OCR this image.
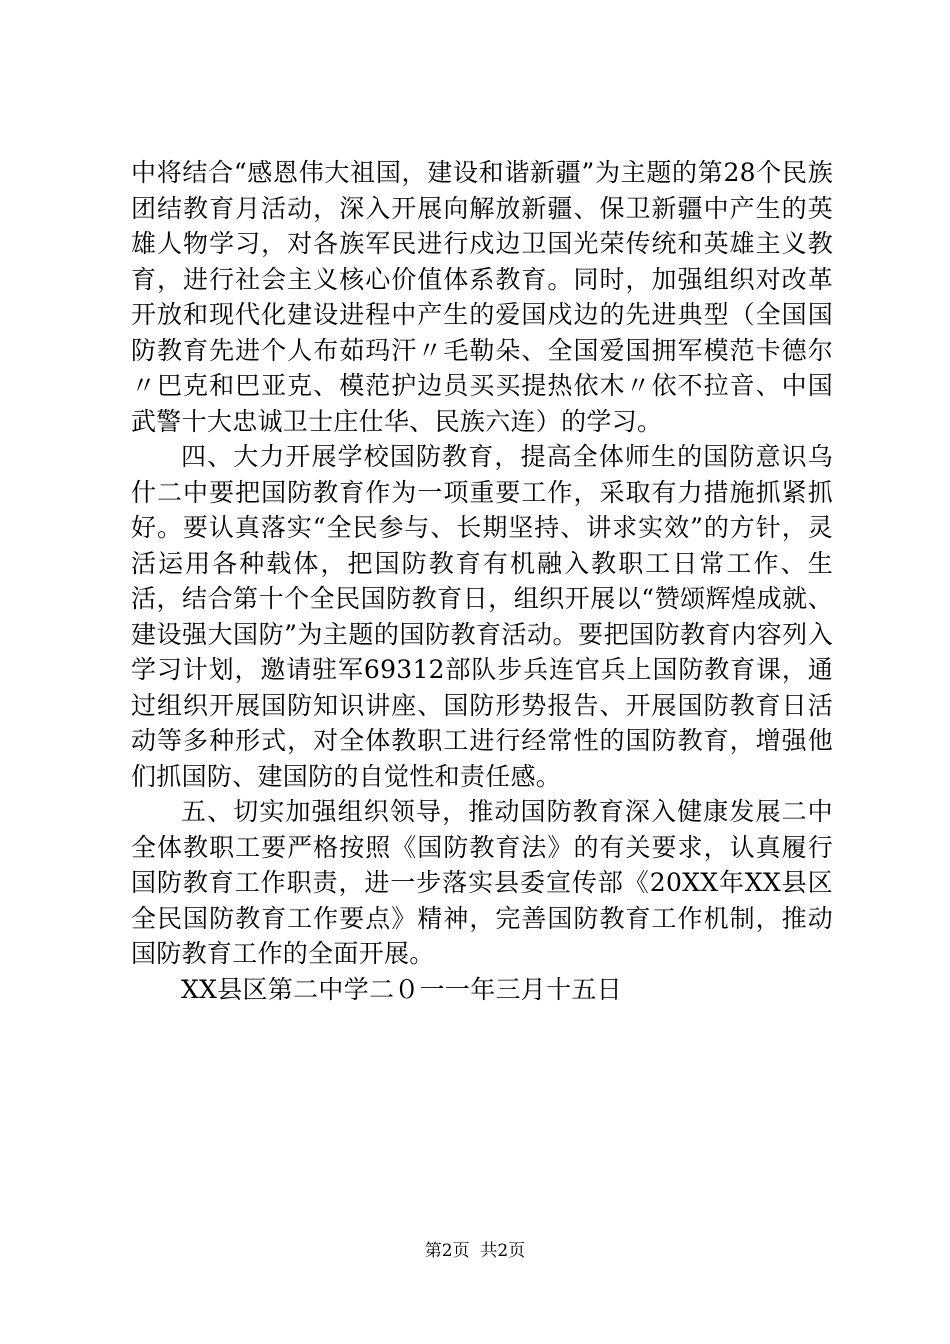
中将结合“感恩伟大祖国，建设和谐新疆”为主题的第28个民族团结教育月活动，深入开展向解放新疆、保卫新疆中产生的英雄人物学习，对各族军民进行戍边卫国光荣传统和英雄主义教育，进行社会主义核心价值体系教育。同时，加强组织对改革开放和现代化建设进程中产生的爱国戍边的先进典型（全国国防教育先进个人布茹玛汗〃毛勒朵、全国爱国拥军模范卡德尔〃巴克和巴亚克、模范护边员买买提热依木〃依不拉音、中国武警十大忠诚卫士庄仕华、民族六连）的学习。

四、大力开展学校国防教育，提高全体师生的国防意识乌什二中要把国防教育作为一项重要工作，采取有力措施抓紧抓好。要认真落实“全民参与、长期坚持、讲求实效”的方针，灵活运用各种载体，把国防教育有机融入教职工日常工作、生活，结合第十个全民国防教育日，组织开展以“赞颂辉煌成就、建设强大国防”为主题的国防教育活动。要把国防教育内容列入学习计划，邀请驻军69312部队步兵连官兵上国防教育课，通过组织开展国防知识讲座、国防形势报告、开展国防教育日活动等多种形式，对全体教职工进行经常性的国防教育，增强他们抓国防、建国防的自觉性和责任感。

五、切实加强组织领导，推动国防教育深入健康发展二中全体教职工要严格按照《国防教育法》的有关要求，认真履行国防教育工作职责，进一步落实县委宣传部《20XX年XX县区全民国防教育工作要点》精神，完善国防教育工作机制，推动国防教育工作的全面开展。

XX县区第二中学二０一一年三月十五日

第2页  共2页
